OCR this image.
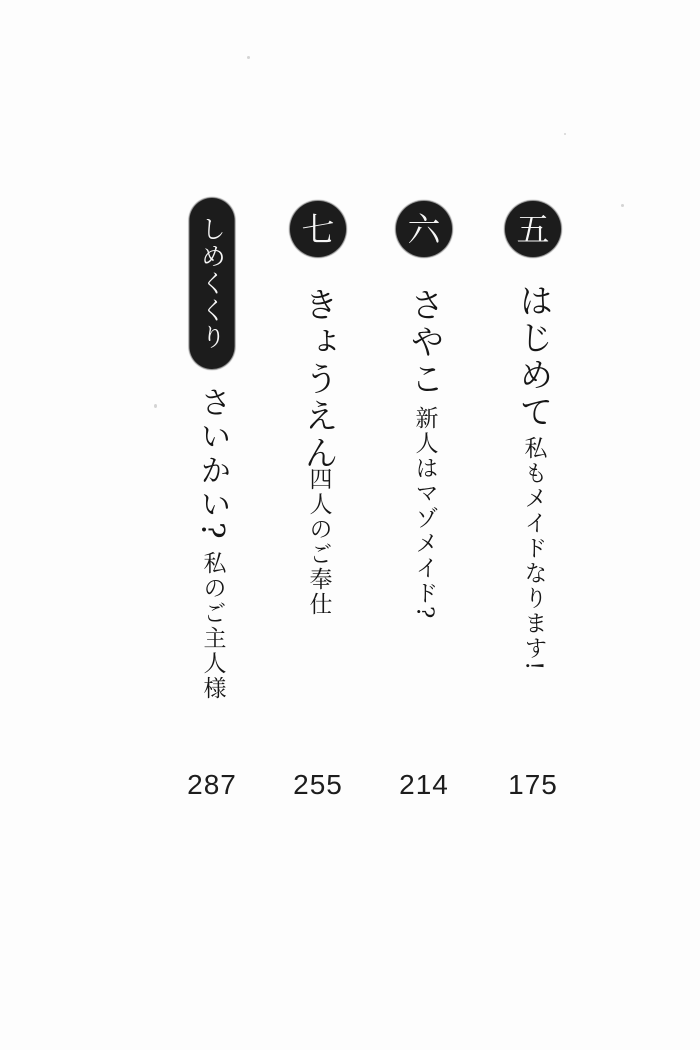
五
はじめて
私もメイドなります!
175
六
さやこ
新人はマゾメイド?
214
七
きょうえん
四人のご奉仕
255
しめくくり
さいかい?
私のご主人様
287
